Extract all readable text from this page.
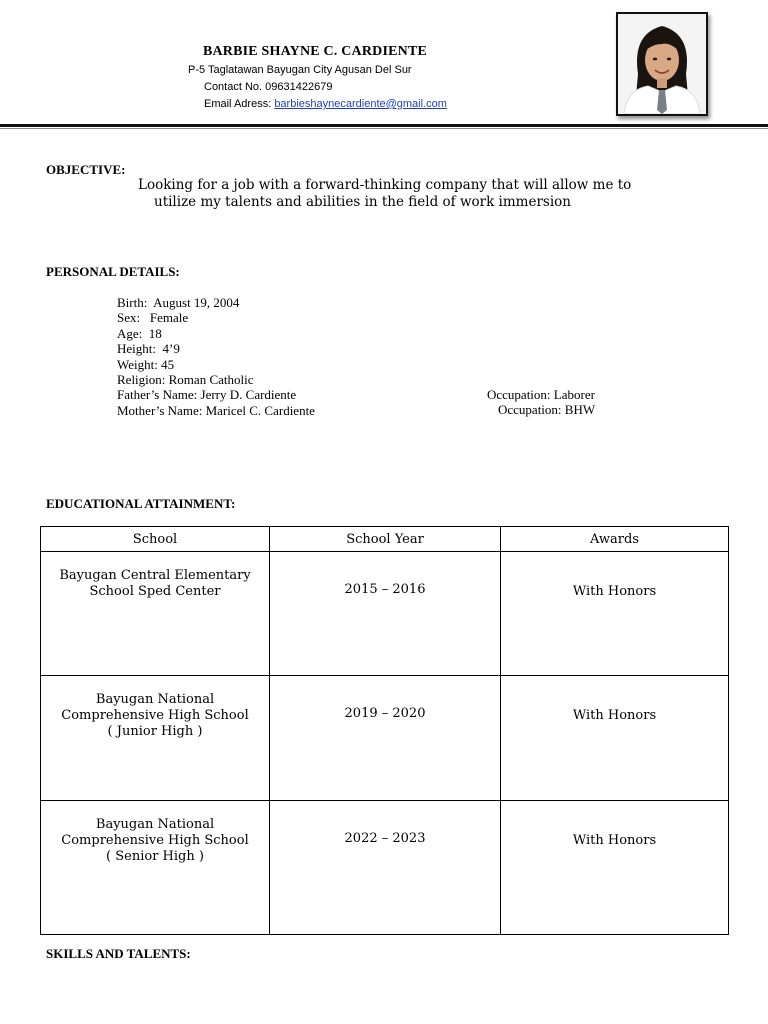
BARBIE SHAYNE C. CARDIENTE
P-5 Taglatawan Bayugan City Agusan Del Sur
Contact No. 09631422679
Email Adress: barbieshaynecardiente@gmail.com
OBJECTIVE:
Looking for a job with a forward-thinking company that will allow me to
utilize my talents and abilities in the field of work immersion
PERSONAL DETAILS:
Birth:  August 19, 2004
Sex:   Female
Age:  18
Height:  4’9
Weight: 45
Religion: Roman Catholic
Father’s Name: Jerry D. Cardiente
Mother’s Name: Maricel C. Cardiente
Occupation: Laborer
Occupation: BHW
EDUCATIONAL ATTAINMENT:
School	School Year	Awards

Bayugan Central Elementary
School Sped Center	2015 – 2016	With Honors

Bayugan National
Comprehensive High School
( Junior High )	2019 – 2020	With Honors

Bayugan National
Comprehensive High School
( Senior High )	2022 – 2023	With Honors
SKILLS AND TALENTS:
